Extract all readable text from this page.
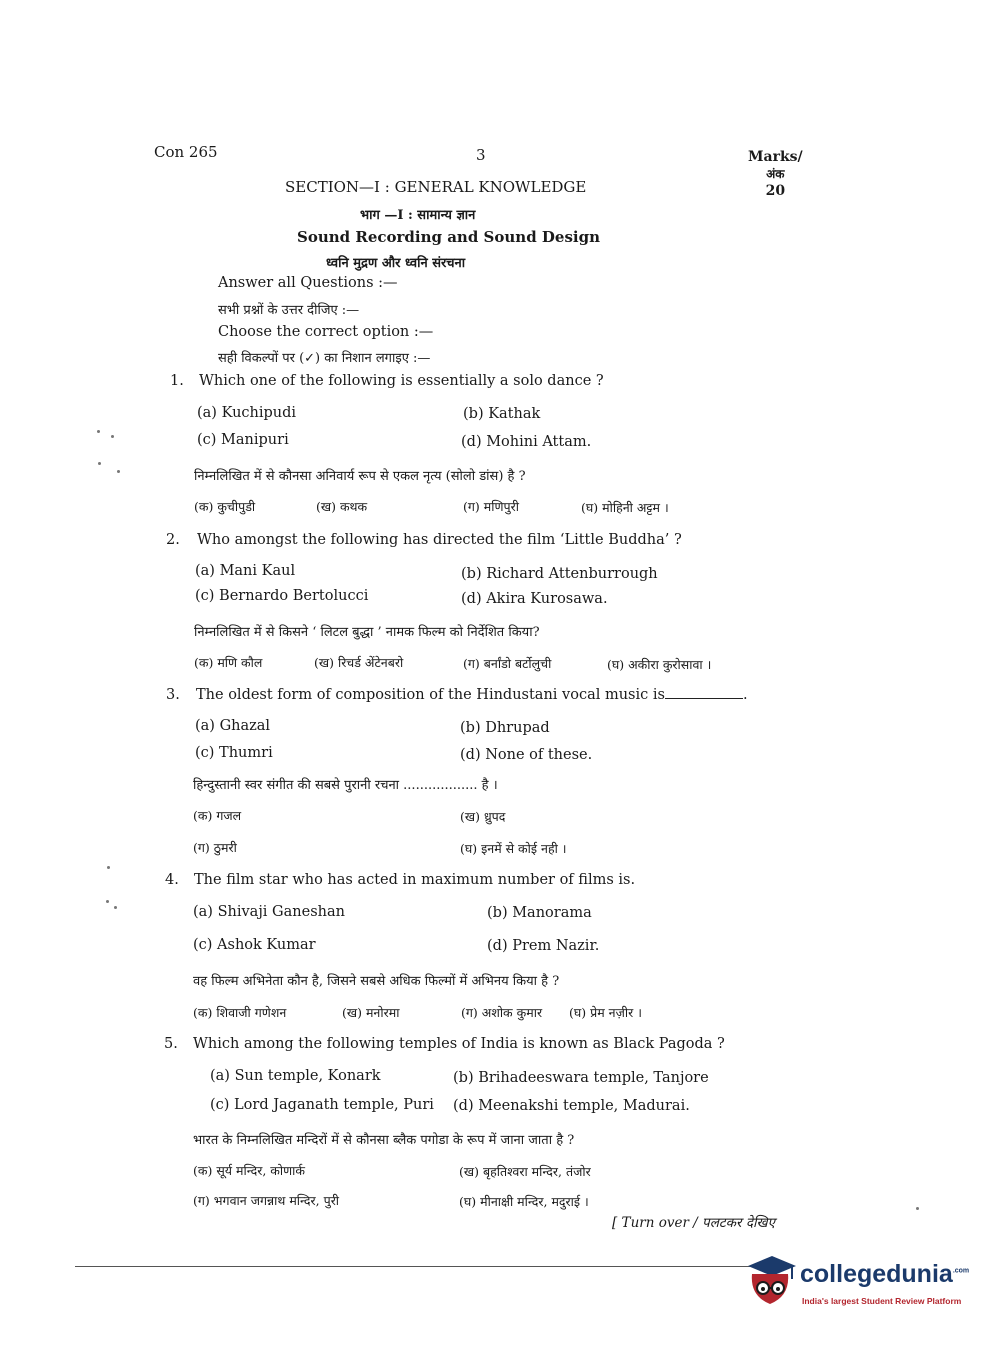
Con 265	3	Marks/
अंक
20
SECTION—I : GENERAL KNOWLEDGE
भाग —I : सामान्य ज्ञान
Sound Recording and Sound Design
ध्वनि मुद्रण और ध्वनि संरचना
Answer all Questions :—
सभी प्रश्नों के उत्तर दीजिए :—
Choose the correct option :—
सही विकल्पों पर (✓) का निशान लगाइए :—
1. Which one of the following is essentially a solo dance ?
(a) Kuchipudi	(b) Kathak
(c) Manipuri	(d) Mohini Attam.
निम्नलिखित में से कौनसा अनिवार्य रूप से एकल नृत्य (सोलो डांस) है ?
(क) कुचीपुडी	(ख) कथक	(ग) मणिपुरी	(घ) मोहिनी अट्टम ।
2. Who amongst the following has directed the film ‘Little Buddha’ ?
(a) Mani Kaul	(b) Richard Attenburrough
(c) Bernardo Bertolucci	(d) Akira Kurosawa.
निम्नलिखित में से किसने ‘ लिटल बुद्धा ’ नामक फिल्म को निर्देशित किया?
(क) मणि कौल	(ख) रिचर्ड अेंटेनबरो	(ग) बर्नांडो बर्टोलुची	(घ) अकीरा कुरोसावा ।
3. The oldest form of composition of the Hindustani vocal music is	.
(a) Ghazal	(b) Dhrupad
(c) Thumri	(d) None of these.
हिन्दुस्तानी स्वर संगीत की सबसे पुरानी रचना .................. है ।
(क) गजल	(ख) ध्रुपद
(ग) ठुमरी	(घ) इनमें से कोई नही ।
4. The film star who has acted in maximum number of films is.
(a) Shivaji Ganeshan	(b) Manorama
(c) Ashok Kumar	(d) Prem Nazir.
वह फिल्म अभिनेता कौन है, जिसने सबसे अधिक फिल्मों में अभिनय किया है ?
(क) शिवाजी गणेशन	(ख) मनोरमा	(ग) अशोक कुमार (घ) प्रेम नज़ीर ।
5. Which among the following temples of India is known as Black Pagoda ?
(a) Sun temple, Konark	(b) Brihadeeswara temple, Tanjore
(c) Lord Jaganath temple, Puri (d) Meenakshi temple, Madurai.
भारत के निम्नलिखित मन्दिरों में से कौनसा ब्लैक पगोडा के रूप में जाना जाता है ?
(क) सूर्य मन्दिर, कोणार्क	(ख) बृहतिश्वरा मन्दिर, तंजोर
(ग) भगवान जगन्नाथ मन्दिर, पुरी	(घ) मीनाक्षी मन्दिर, मदुराई ।
[ Turn over / पलटकर देखिए
collegedunia$^{.com}$
India's largest Student Review Platform
